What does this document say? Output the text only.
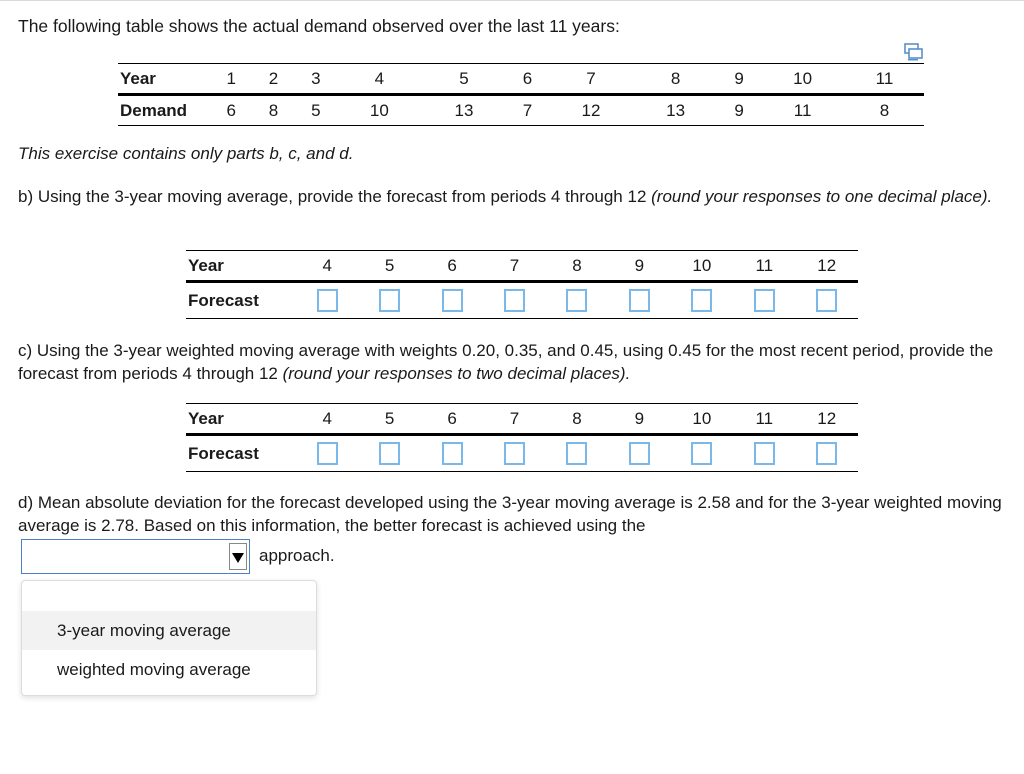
The following table shows the actual demand observed over the last 11 years:
Year	1	2	3	4	5	6	7	8	9	10	11
Demand	6	8	5	10	13	7	12	13	9	11	8
This exercise contains only parts b, c, and d.
b) Using the 3-year moving average, provide the forecast from periods 4 through 12 (round your responses to one decimal place).
Year	4	5	6	7	8	9	10	11	12
Forecast									
c) Using the 3-year weighted moving average with weights 0.20, 0.35, and 0.45, using 0.45 for the most recent period, provide the forecast from periods 4 through 12 (round your responses to two decimal places).
Year	4	5	6	7	8	9	10	11	12
Forecast									
d) Mean absolute deviation for the forecast developed using the 3-year moving average is 2.58 and for the 3-year weighted moving average is 2.78. Based on this information, the better forecast is achieved using the
approach.
3-year moving average
weighted moving average
